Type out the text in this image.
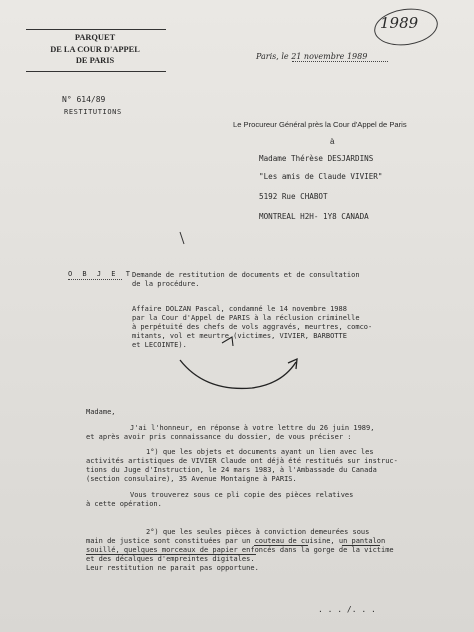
PARQUET
DE LA COUR D'APPEL
DE PARIS
N° 614/89
RESTITUTIONS
1989
Paris, le 21 novembre 1989
Le Procureur Général près la Cour d'Appel de Paris
à
Madame Thérèse DESJARDINS
"Les amis de Claude VIVIER"
5192 Rue CHABOT
MONTREAL H2H- 1Y8 CANADA
O B J E T Demande de restitution de documents et de consultation
de la procédure.
Affaire DOLZAN Pascal, condamné le 14 novembre 1988
par la Cour d'Appel de PARIS à la réclusion criminelle
à perpétuité des chefs de vols aggravés, meurtres, comco-
mitants, vol et meurtre (victimes, VIVIER, BARBOTTE
et LECOINTE).
Madame,
J'ai l'honneur, en réponse à votre lettre du 26 juin 1989,
et après avoir pris connaissance du dossier, de vous préciser :
1°) que les objets et documents ayant un lien avec les
activités artistiques de VIVIER Claude ont déjà été restitués sur instruc-
tions du Juge d'Instruction, le 24 mars 1983, à l'Ambassade du Canada
(section consulaire), 35 Avenue Montaigne à PARIS.
Vous trouverez sous ce pli copie des pièces relatives
à cette opération.
2°) que les seules pièces à conviction demeurées sous
main de justice sont constituées par un couteau de cuisine, un pantalon
souillé, quelques morceaux de papier enfoncés dans la gorge de la victime
et des décalques d'empreintes digitales.
Leur restitution ne parait pas opportune.
. . . /. . .
